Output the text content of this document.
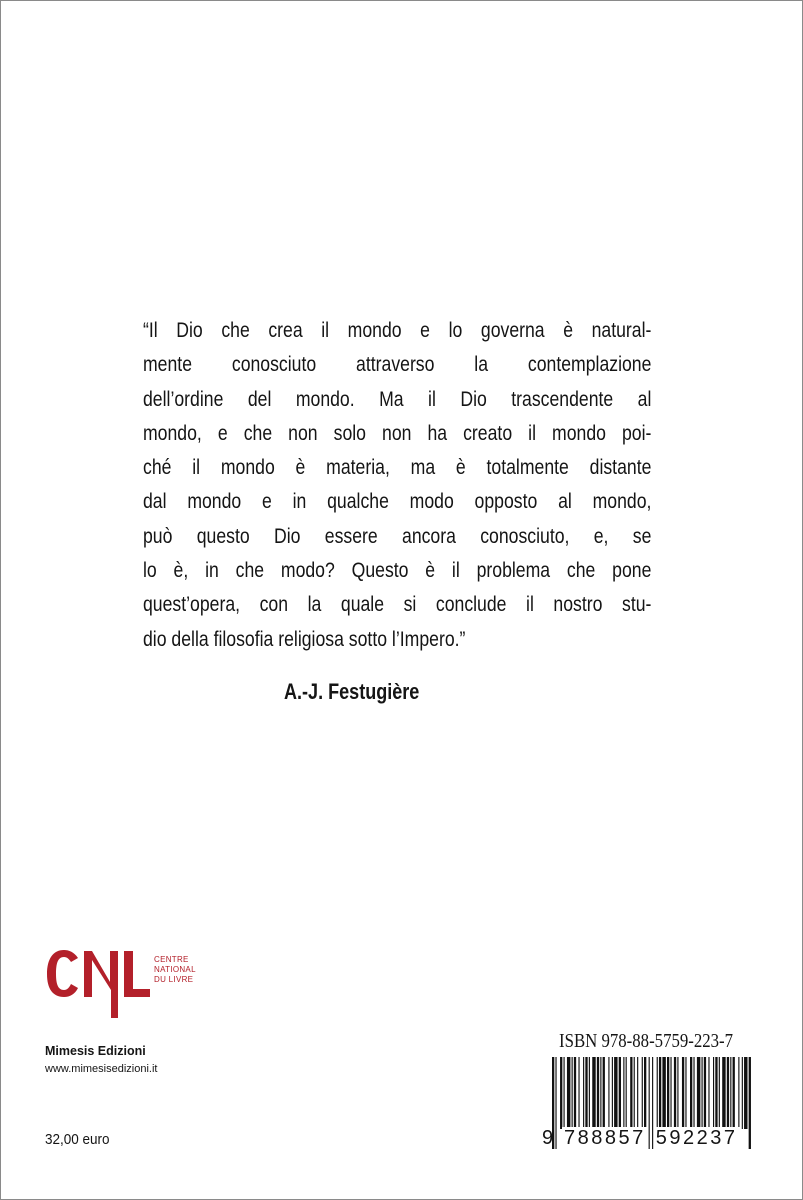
“Il Dio che crea il mondo e lo governa è natural-
mente conosciuto attraverso la contemplazione
dell’ordine del mondo. Ma il Dio trascendente al
mondo, e che non solo non ha creato il mondo poi-
ché il mondo è materia, ma è totalmente distante
dal mondo e in qualche modo opposto al mondo,
può questo Dio essere ancora conosciuto, e, se
lo è, in che modo? Questo è il problema che pone
quest’opera, con la quale si conclude il nostro stu-
dio della filosofia religiosa sotto l’Impero.”
A.-J. Festugière
CENTRE
NATIONAL
DU LIVRE
Mimesis Edizioni
www.mimesisedizioni.it
32,00 euro
ISBN 978-88-5759-223-7
9 788857 592237
